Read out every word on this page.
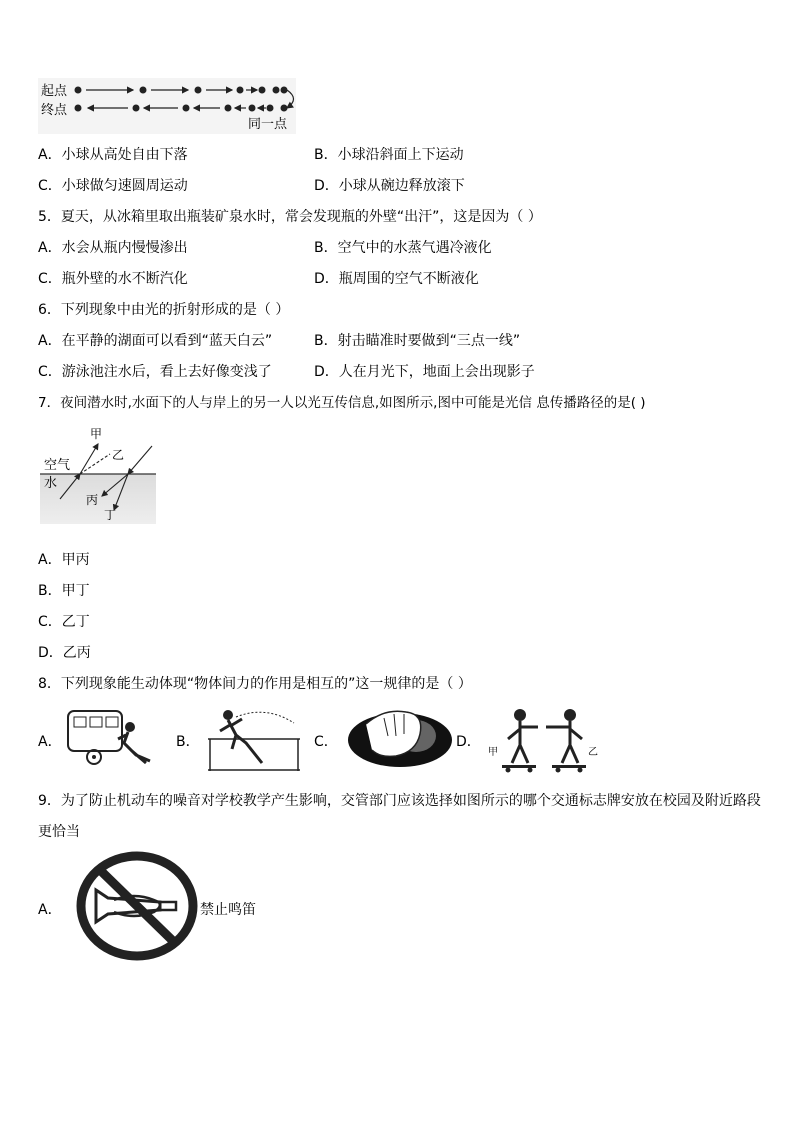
起点
终点
同一点
A．小球从高处自由下落	B．小球沿斜面上下运动
C．小球做匀速圆周运动	D．小球从碗边释放滚下
5．夏天，从冰箱里取出瓶装矿泉水时，常会发现瓶的外壁“出汗”，这是因为（ ）
A．水会从瓶内慢慢渗出	B．空气中的水蒸气遇冷液化
C．瓶外壁的水不断汽化	D．瓶周围的空气不断液化
6．下列现象中由光的折射形成的是（ ）
A．在平静的湖面可以看到“蓝天白云”	B．射击瞄准时要做到“三点一线”
C．游泳池注水后，看上去好像变浅了	D．人在月光下，地面上会出现影子
7．夜间潜水时,水面下的人与岸上的另一人以光互传信息,如图所示,图中可能是光信 息传播路径的是( )
空气
水
甲
乙
丙
丁
A．甲丙
B．甲丁
C．乙丁
D．乙丙
8．下列现象能生动体现“物体间力的作用是相互的”这一规律的是（ ）
A．	B．	C．	D．
甲	乙
9．为了防止机动车的噪音对学校教学产生影响，交管部门应该选择如图所示的哪个交通标志牌安放在校园及附近路段
更恰当
A．	禁止鸣笛
